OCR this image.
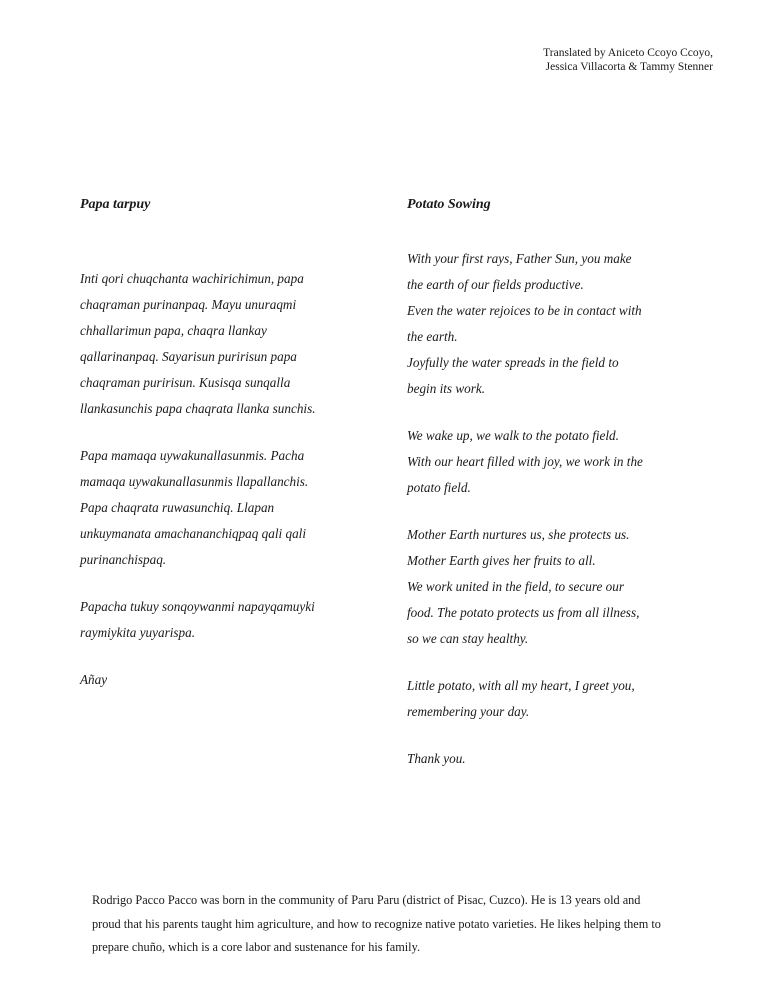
Translated by Aniceto Ccoyo Ccoyo,
Jessica Villacorta & Tammy Stenner
Papa tarpuy

Inti qori chuqchanta wachirichimun, papa
chaqraman purinanpaq. Mayu unuraqmi
chhallarimun papa, chaqra llankay
qallarinanpaq. Sayarisun puririsun papa
chaqraman puririsun. Kusisqa sunqalla
llankasunchis papa chaqrata llanka sunchis.

Papa mamaqa uywakunallasunmis. Pacha
mamaqa uywakunallasunmis llapallanchis.
Papa chaqrata ruwasunchiq. Llapan
unkuymanata amachananchiqpaq qali qali
purinanchispaq.

Papacha tukuy sonqoywanmi napayqamuyki
raymiykita yuyarispa.

Añay

Potato Sowing

With your first rays, Father Sun, you make
the earth of our fields productive.
Even the water rejoices to be in contact with
the earth.
Joyfully the water spreads in the field to
begin its work.

We wake up, we walk to the potato field.
With our heart filled with joy, we work in the
potato field.

Mother Earth nurtures us, she protects us.
Mother Earth gives her fruits to all.
We work united in the field, to secure our
food. The potato protects us from all illness,
so we can stay healthy.

Little potato, with all my heart, I greet you,
remembering your day.

Thank you.

Rodrigo Pacco Pacco was born in the community of Paru Paru (district of Pisac, Cuzco). He is 13 years old and
proud that his parents taught him agriculture, and how to recognize native potato varieties. He likes helping them to
prepare chuño, which is a core labor and sustenance for his family.
